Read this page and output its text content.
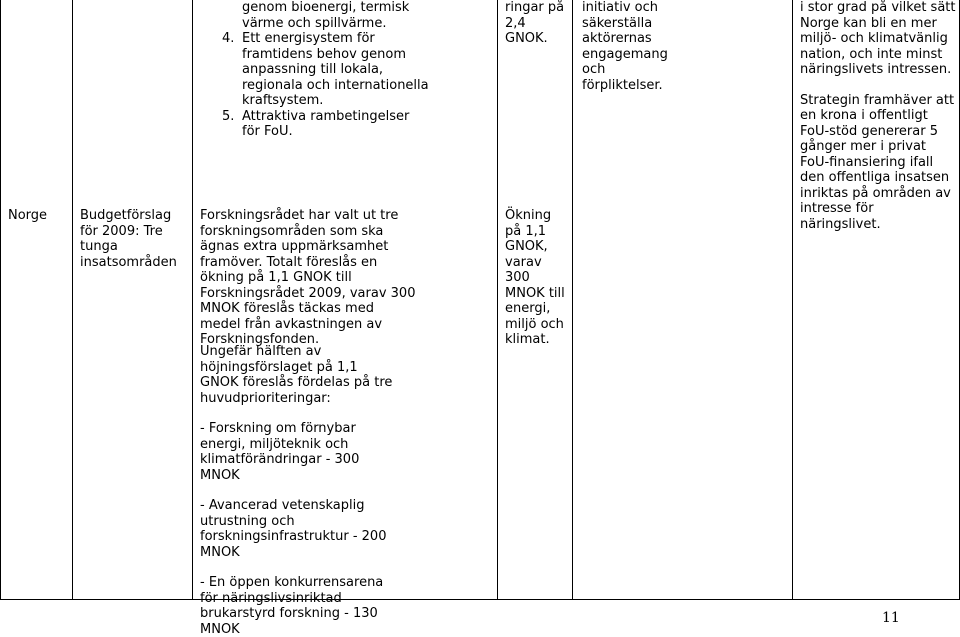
Norge	Budgetförslag för 2009: Tre tunga insatsområden

genom bioenergi, termisk värme och spillvärme.

4. Ett energisystem för framtidens behov genom anpassning till lokala, regionala och internationella kraftsystem.
5. Attraktiva rambetingelser för FoU.

Forskningsrådet har valt ut tre forskningsområden som ska ägnas extra uppmärksamhet framöver. Totalt föreslås en ökning på 1,1 GNOK till Forskningsrådet 2009, varav 300 MNOK föreslås täckas med medel från avkastningen av Forskningsfonden.

Ungefär hälften av höjningsförslaget på 1,1 GNOK föreslås fördelas på tre huvudprioriteringar:

- Forskning om förnybar energi, miljöteknik och klimatförändringar - 300 MNOK

- Avancerad vetenskaplig utrustning och forskningsinfrastruktur - 200 MNOK

- En öppen konkurrensarena för näringslivsinriktad brukarstyrd forskning - 130 MNOK

ringar på 2,4 GNOK.

Ökning på 1,1 GNOK, varav 300 MNOK till energi, miljö och klimat.

initiativ och säkerställa aktörernas engagemang och förpliktelser.

i stor grad på vilket sätt Norge kan bli en mer miljö- och klimatvänlig nation, och inte minst näringslivets intressen.

Strategin framhäver att en krona i offentligt FoU-stöd genererar 5 gånger mer i privat FoU-finansiering ifall den offentliga insatsen inriktas på områden av intresse för näringslivet.

11
